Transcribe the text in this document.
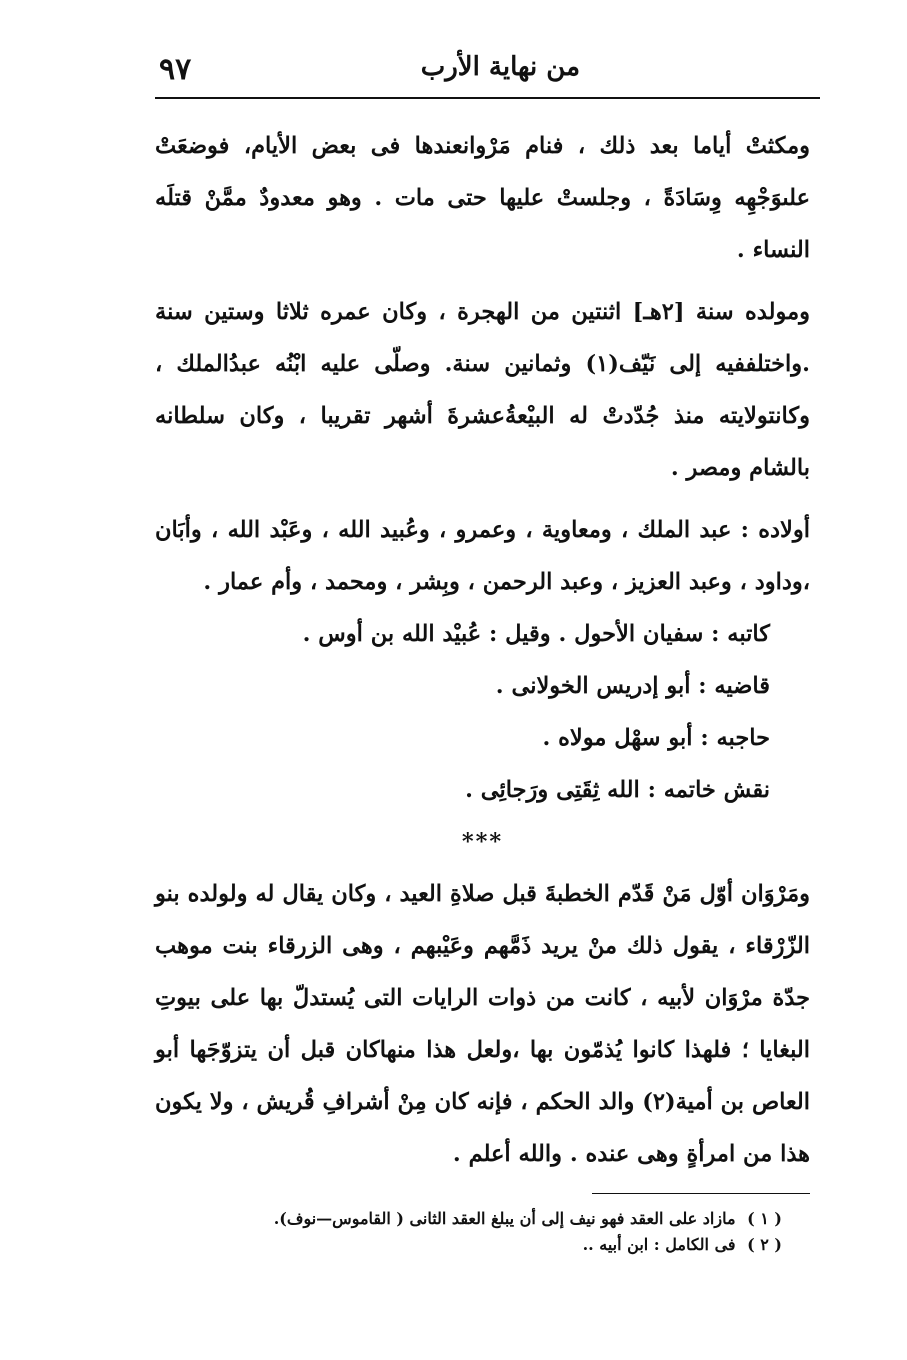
من نهاية الأرب
٩٧

ومكثتْ أياما بعد ذلك ، فنام مَرْوانعندها فى بعض الأيام، فوضعَتْ علىوَجْهِه وِسَادَةً ، وجلستْ عليها حتى مات . وهو معدودٌ ممَّنْ قتلَه النساء .

ومولده سنة [٢هـ] اثنتين من الهجرة ، وكان عمره ثلاثا وستين سنة .واختلففيه إلى نَيّف(١) وثمانين سنة. وصلّى عليه ابْنُه عبدُالملك ، وكانتولايته منذ جُدّدتْ له البيْعةُعشرةَ أشهر تقريبا ، وكان سلطانه بالشام ومصر .

أولاده : عبد الملك ، ومعاوية ، وعمرو ، وعُبيد الله ، وعَبْد الله ، وأبَان ،وداود ، وعبد العزيز ، وعبد الرحمن ، وبِشر ، ومحمد ، وأم عمار .

كاتبه : سفيان الأحول . وقيل : عُبيْد الله بن أوس .
قاضيه : أبو إدريس الخولانى .
حاجبه : أبو سهْل مولاه .
نقش خاتمه : الله ثِقَتِى ورَجائِى .
***

ومَرْوَان أوّل مَنْ قَدّم الخطبةَ قبل صلاةِ العيد ، وكان يقال له ولولده بنو الزّرْقاء ، يقول ذلك منْ يريد ذَمَّهم وعَيْبهم ، وهى الزرقاء بنت موهب جدّة مرْوَان لأبيه ، كانت من ذوات الرايات التى يُستدلّ بها على بيوتِ البغايا ؛ فلهذا كانوا يُذمّون بها ،ولعل هذا منهاكان قبل أن يتزوّجَها أبو العاص بن أمية(٢) والد الحكم ، فإنه كان مِنْ أشرافِ قُريش ، ولا يكون هذا من امرأةٍ وهى عنده . والله أعلم .

( ١ ) مازاد على العقد فهو نيف إلى أن يبلغ العقد الثانى ( القاموس—نوف).
( ٢ ) فى الكامل : ابن أبيه ..
